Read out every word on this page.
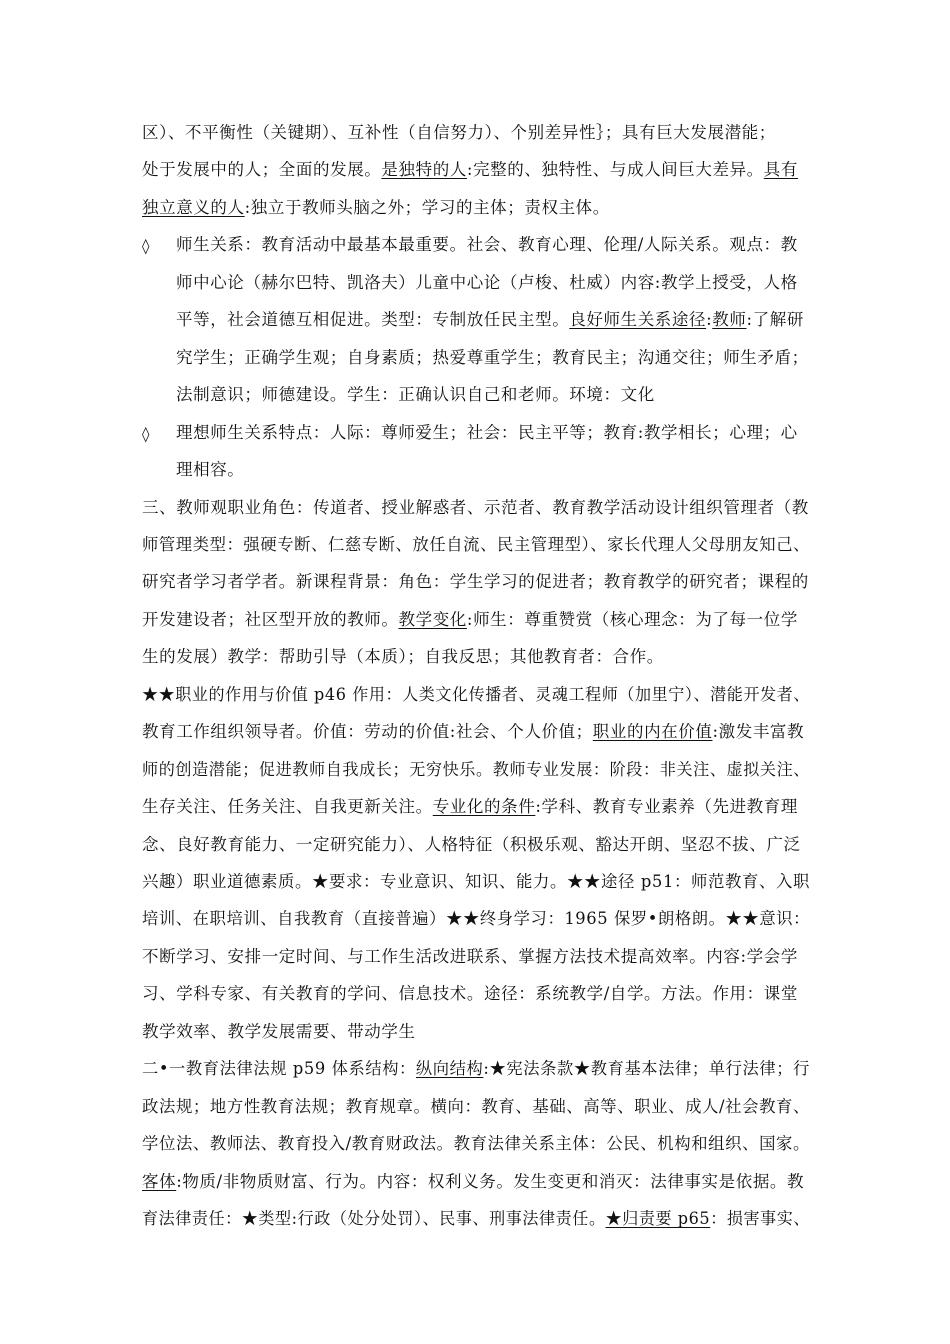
区）、不平衡性（关键期）、互补性（自信努力）、个别差异性｝；具有巨大发展潜能；
处于发展中的人；全面的发展。是独特的人:完整的、独特性、与成人间巨大差异。具有
独立意义的人:独立于教师头脑之外；学习的主体；责权主体。
◊ 师生关系：教育活动中最基本最重要。社会、教育心理、伦理/人际关系。观点：教
师中心论（赫尔巴特、凯洛夫）儿童中心论（卢梭、杜威）内容:教学上授受，人格
平等，社会道德互相促进。类型：专制放任民主型。良好师生关系途径:教师:了解研
究学生；正确学生观；自身素质；热爱尊重学生；教育民主；沟通交往；师生矛盾；
法制意识；师德建设。学生：正确认识自己和老师。环境：文化
◊ 理想师生关系特点：人际：尊师爱生；社会：民主平等；教育:教学相长；心理；心
理相容。
三、教师观职业角色：传道者、授业解惑者、示范者、教育教学活动设计组织管理者（教
师管理类型：强硬专断、仁慈专断、放任自流、民主管理型）、家长代理人父母朋友知己、
研究者学习者学者。新课程背景：角色：学生学习的促进者；教育教学的研究者；课程的
开发建设者；社区型开放的教师。教学变化:师生：尊重赞赏（核心理念：为了每一位学
生的发展）教学：帮助引导（本质）；自我反思；其他教育者：合作。
★★职业的作用与价值 p46 作用：人类文化传播者、灵魂工程师（加里宁）、潜能开发者、
教育工作组织领导者。价值：劳动的价值:社会、个人价值；职业的内在价值:激发丰富教
师的创造潜能；促进教师自我成长；无穷快乐。教师专业发展：阶段：非关注、虚拟关注、
生存关注、任务关注、自我更新关注。专业化的条件:学科、教育专业素养（先进教育理
念、良好教育能力、一定研究能力）、人格特征（积极乐观、豁达开朗、坚忍不拔、广泛
兴趣）职业道德素质。★要求：专业意识、知识、能力。★★途径 p51：师范教育、入职
培训、在职培训、自我教育（直接普遍）★★终身学习：1965 保罗•朗格朗。★★意识：
不断学习、安排一定时间、与工作生活改进联系、掌握方法技术提高效率。内容:学会学
习、学科专家、有关教育的学问、信息技术。途径：系统教学/自学。方法。作用：课堂
教学效率、教学发展需要、带动学生
二•一教育法律法规 p59 体系结构：纵向结构:★宪法条款★教育基本法律；单行法律；行
政法规；地方性教育法规；教育规章。横向：教育、基础、高等、职业、成人/社会教育、
学位法、教师法、教育投入/教育财政法。教育法律关系主体：公民、机构和组织、国家。
客体:物质/非物质财富、行为。内容：权利义务。发生变更和消灭：法律事实是依据。教
育法律责任：★类型:行政（处分处罚）、民事、刑事法律责任。★归责要 p65：损害事实、
